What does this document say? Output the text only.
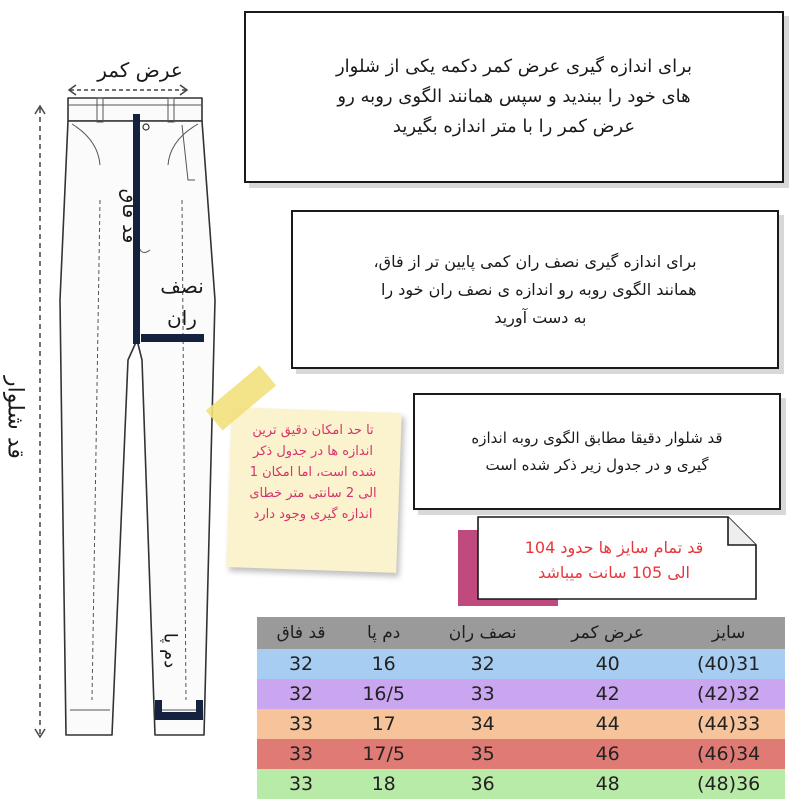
عرض کمر
قد فاق
نصف
ران
قد شلوار
دم پا
برای اندازه گیری عرض کمر دکمه یکی از شلوار
های خود را ببندید و سپس همانند الگوی روبه رو
عرض کمر را با متر اندازه بگیرید
برای اندازه گیری نصف ران کمی پایین تر از فاق،
همانند الگوی روبه رو اندازه ی نصف ران خود را
به دست آورید
قد شلوار دقیقا مطابق الگوی روبه اندازه
گیری و در جدول زیر ذکر شده است
تا حد امکان دقیق ترین
اندازه ها در جدول ذکر
شده است، اما امکان 1
الی 2 سانتی متر خطای
اندازه گیری وجود دارد
قد تمام سایز ها حدود 104
الی 105 سانت میباشد
سایز	عرض کمر	نصف ران	دم پا	قد فاق
31(40)	40	32	16	32
32(42)	42	33	16/5	32
33(44)	44	34	17	33
34(46)	46	35	17/5	33
36(48)	48	36	18	33
